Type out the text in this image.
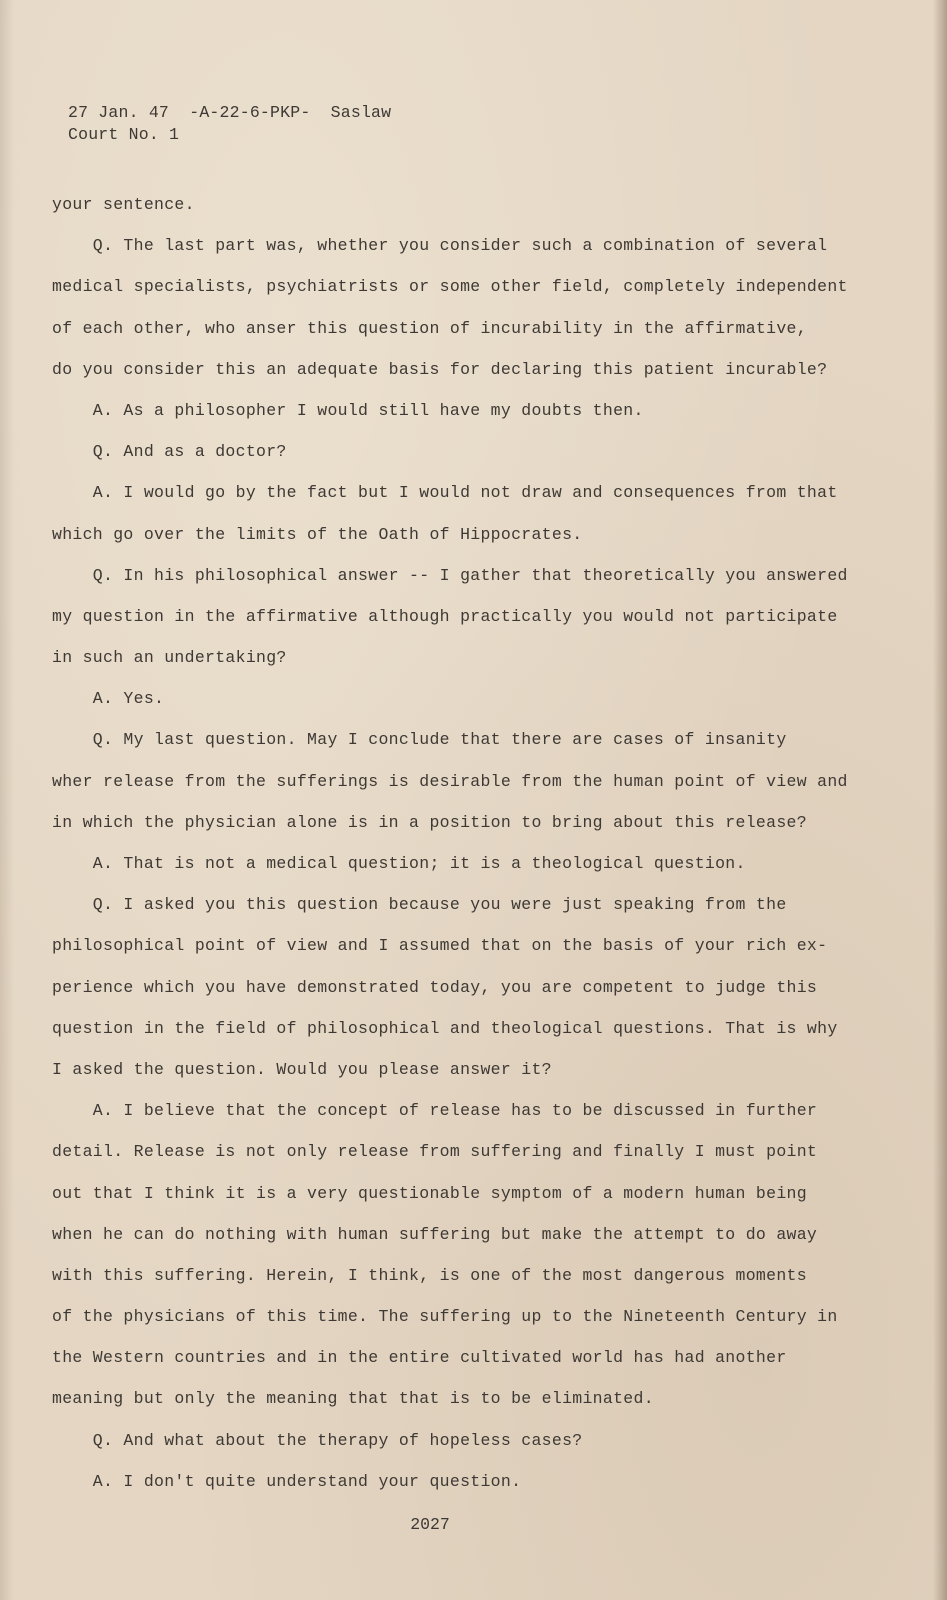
27 Jan. 47  -A-22-6-PKP-  Saslaw
Court No. 1
your sentence.
Q. The last part was, whether you consider such a combination of several
medical specialists, psychiatrists or some other field, completely independent
of each other, who anser this question of incurability in the affirmative,
do you consider this an adequate basis for declaring this patient incurable?
A. As a philosopher I would still have my doubts then.
Q. And as a doctor?
A. I would go by the fact but I would not draw and consequences from that
which go over the limits of the Oath of Hippocrates.
Q. In his philosophical answer -- I gather that theoretically you answered
my question in the affirmative although practically you would not participate
in such an undertaking?
A. Yes.
Q. My last question. May I conclude that there are cases of insanity
wher release from the sufferings is desirable from the human point of view and
in which the physician alone is in a position to bring about this release?
A. That is not a medical question; it is a theological question.
Q. I asked you this question because you were just speaking from the
philosophical point of view and I assumed that on the basis of your rich ex-
perience which you have demonstrated today, you are competent to judge this
question in the field of philosophical and theological questions. That is why
I asked the question. Would you please answer it?
A. I believe that the concept of release has to be discussed in further
detail. Release is not only release from suffering and finally I must point
out that I think it is a very questionable symptom of a modern human being
when he can do nothing with human suffering but make the attempt to do away
with this suffering. Herein, I think, is one of the most dangerous moments
of the physicians of this time. The suffering up to the Nineteenth Century in
the Western countries and in the entire cultivated world has had another
meaning but only the meaning that that is to be eliminated.
Q. And what about the therapy of hopeless cases?
A. I don't quite understand your question.
2027
